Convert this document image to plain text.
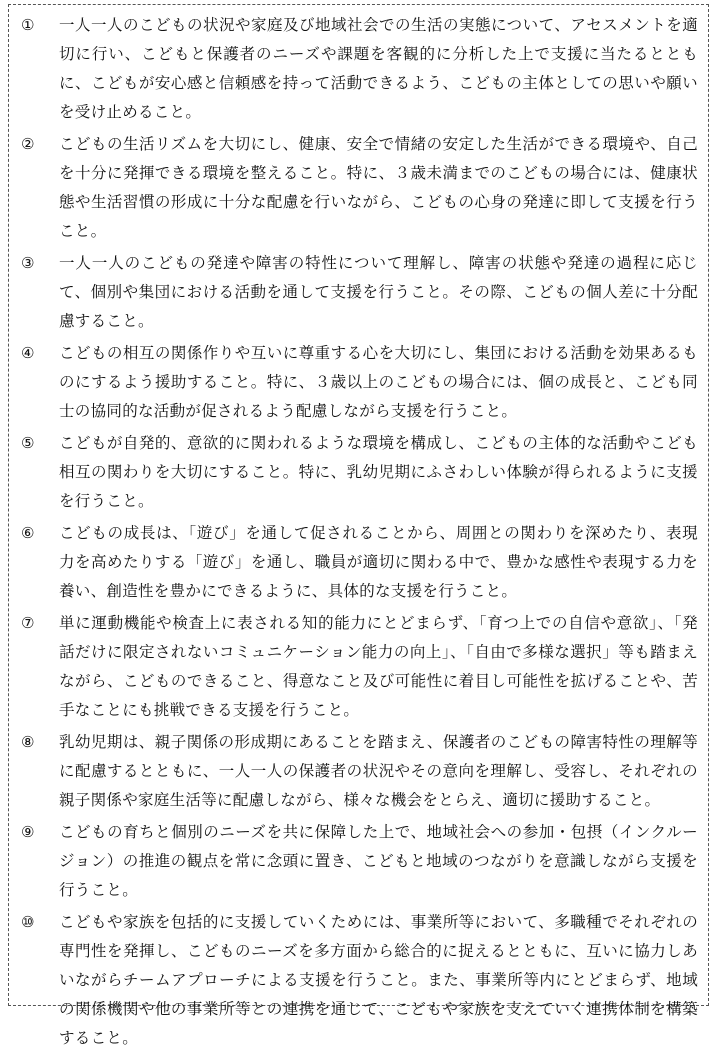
①	一人一人のこどもの状況や家庭及び地域社会での生活の実態について、アセスメントを適切に行い、こどもと保護者のニーズや課題を客観的に分析した上で支援に当たるとともに、こどもが安心感と信頼感を持って活動できるよう、こどもの主体としての思いや願いを受け止めること。
②	こどもの生活リズムを大切にし、健康、安全で情緒の安定した生活ができる環境や、自己を十分に発揮できる環境を整えること。特に、３歳未満までのこどもの場合には、健康状態や生活習慣の形成に十分な配慮を行いながら、こどもの心身の発達に即して支援を行うこと。
③	一人一人のこどもの発達や障害の特性について理解し、障害の状態や発達の過程に応じて、個別や集団における活動を通して支援を行うこと。その際、こどもの個人差に十分配慮すること。
④	こどもの相互の関係作りや互いに尊重する心を大切にし、集団における活動を効果あるものにするよう援助すること。特に、３歳以上のこどもの場合には、個の成長と、こども同士の協同的な活動が促されるよう配慮しながら支援を行うこと。
⑤	こどもが自発的、意欲的に関われるような環境を構成し、こどもの主体的な活動やこども相互の関わりを大切にすること。特に、乳幼児期にふさわしい体験が得られるように支援を行うこと。
⑥	こどもの成長は、「遊び」を通して促されることから、周囲との関わりを深めたり、表現力を高めたりする「遊び」を通し、職員が適切に関わる中で、豊かな感性や表現する力を養い、創造性を豊かにできるように、具体的な支援を行うこと。
⑦	単に運動機能や検査上に表される知的能力にとどまらず、「育つ上での自信や意欲」、「発話だけに限定されないコミュニケーション能力の向上」、「自由で多様な選択」等も踏まえながら、こどものできること、得意なこと及び可能性に着目し可能性を拡げることや、苦手なことにも挑戦できる支援を行うこと。
⑧	乳幼児期は、親子関係の形成期にあることを踏まえ、保護者のこどもの障害特性の理解等に配慮するとともに、一人一人の保護者の状況やその意向を理解し、受容し、それぞれの親子関係や家庭生活等に配慮しながら、様々な機会をとらえ、適切に援助すること。
⑨	こどもの育ちと個別のニーズを共に保障した上で、地域社会への参加・包摂（インクルージョン）の推進の観点を常に念頭に置き、こどもと地域のつながりを意識しながら支援を行うこと。
⑩	こどもや家族を包括的に支援していくためには、事業所等において、多職種でそれぞれの専門性を発揮し、こどものニーズを多方面から総合的に捉えるとともに、互いに協力しあいながらチームアプローチによる支援を行うこと。また、事業所等内にとどまらず、地域の関係機関や他の事業所等との連携を通じて、こどもや家族を支えていく連携体制を構築すること。
